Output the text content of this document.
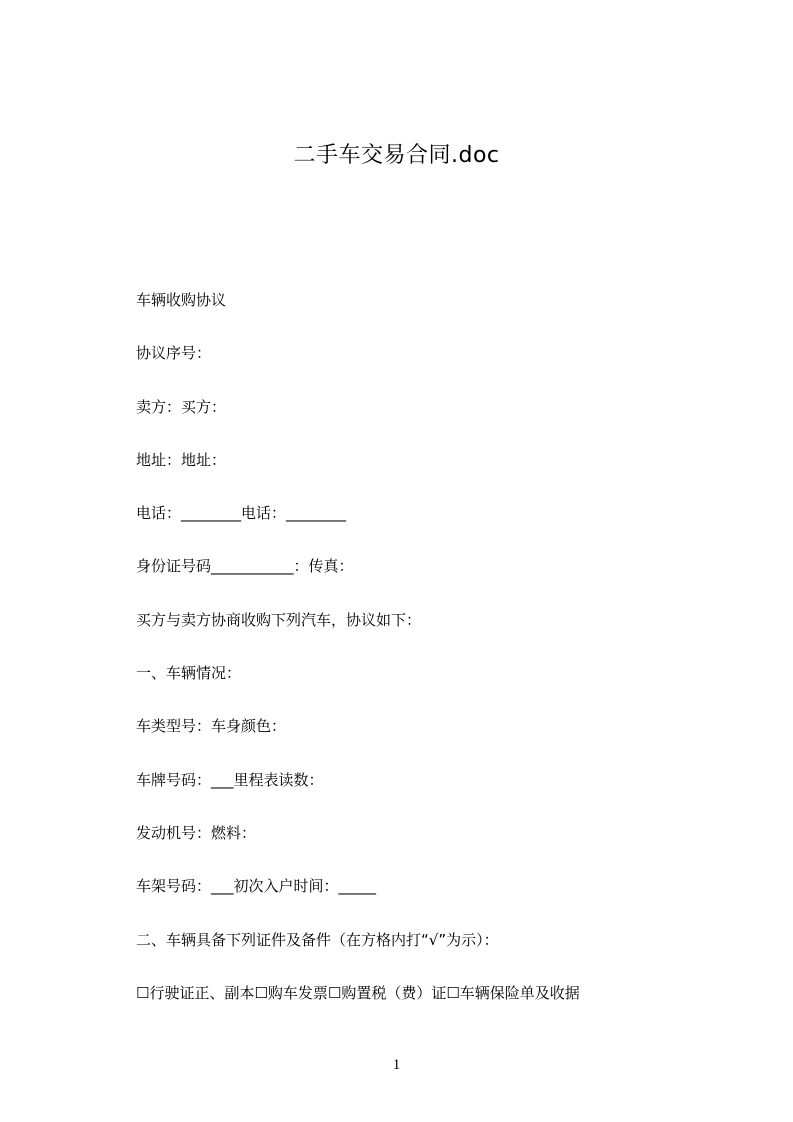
二手车交易合同.doc
车辆收购协议
协议序号：
卖方：买方：
地址：地址：
电话：________电话：________
身份证号码___________：传真：
买方与卖方协商收购下列汽车，协议如下：
一、车辆情况：
车类型号：车身颜色：
车牌号码：___里程表读数：
发动机号：燃料：
车架号码：___初次入户时间：_____
二、车辆具备下列证件及备件（在方格内打“√”为示）：
☐行驶证正、副本☐购车发票☐购置税（费）证☐车辆保险单及收据
1
